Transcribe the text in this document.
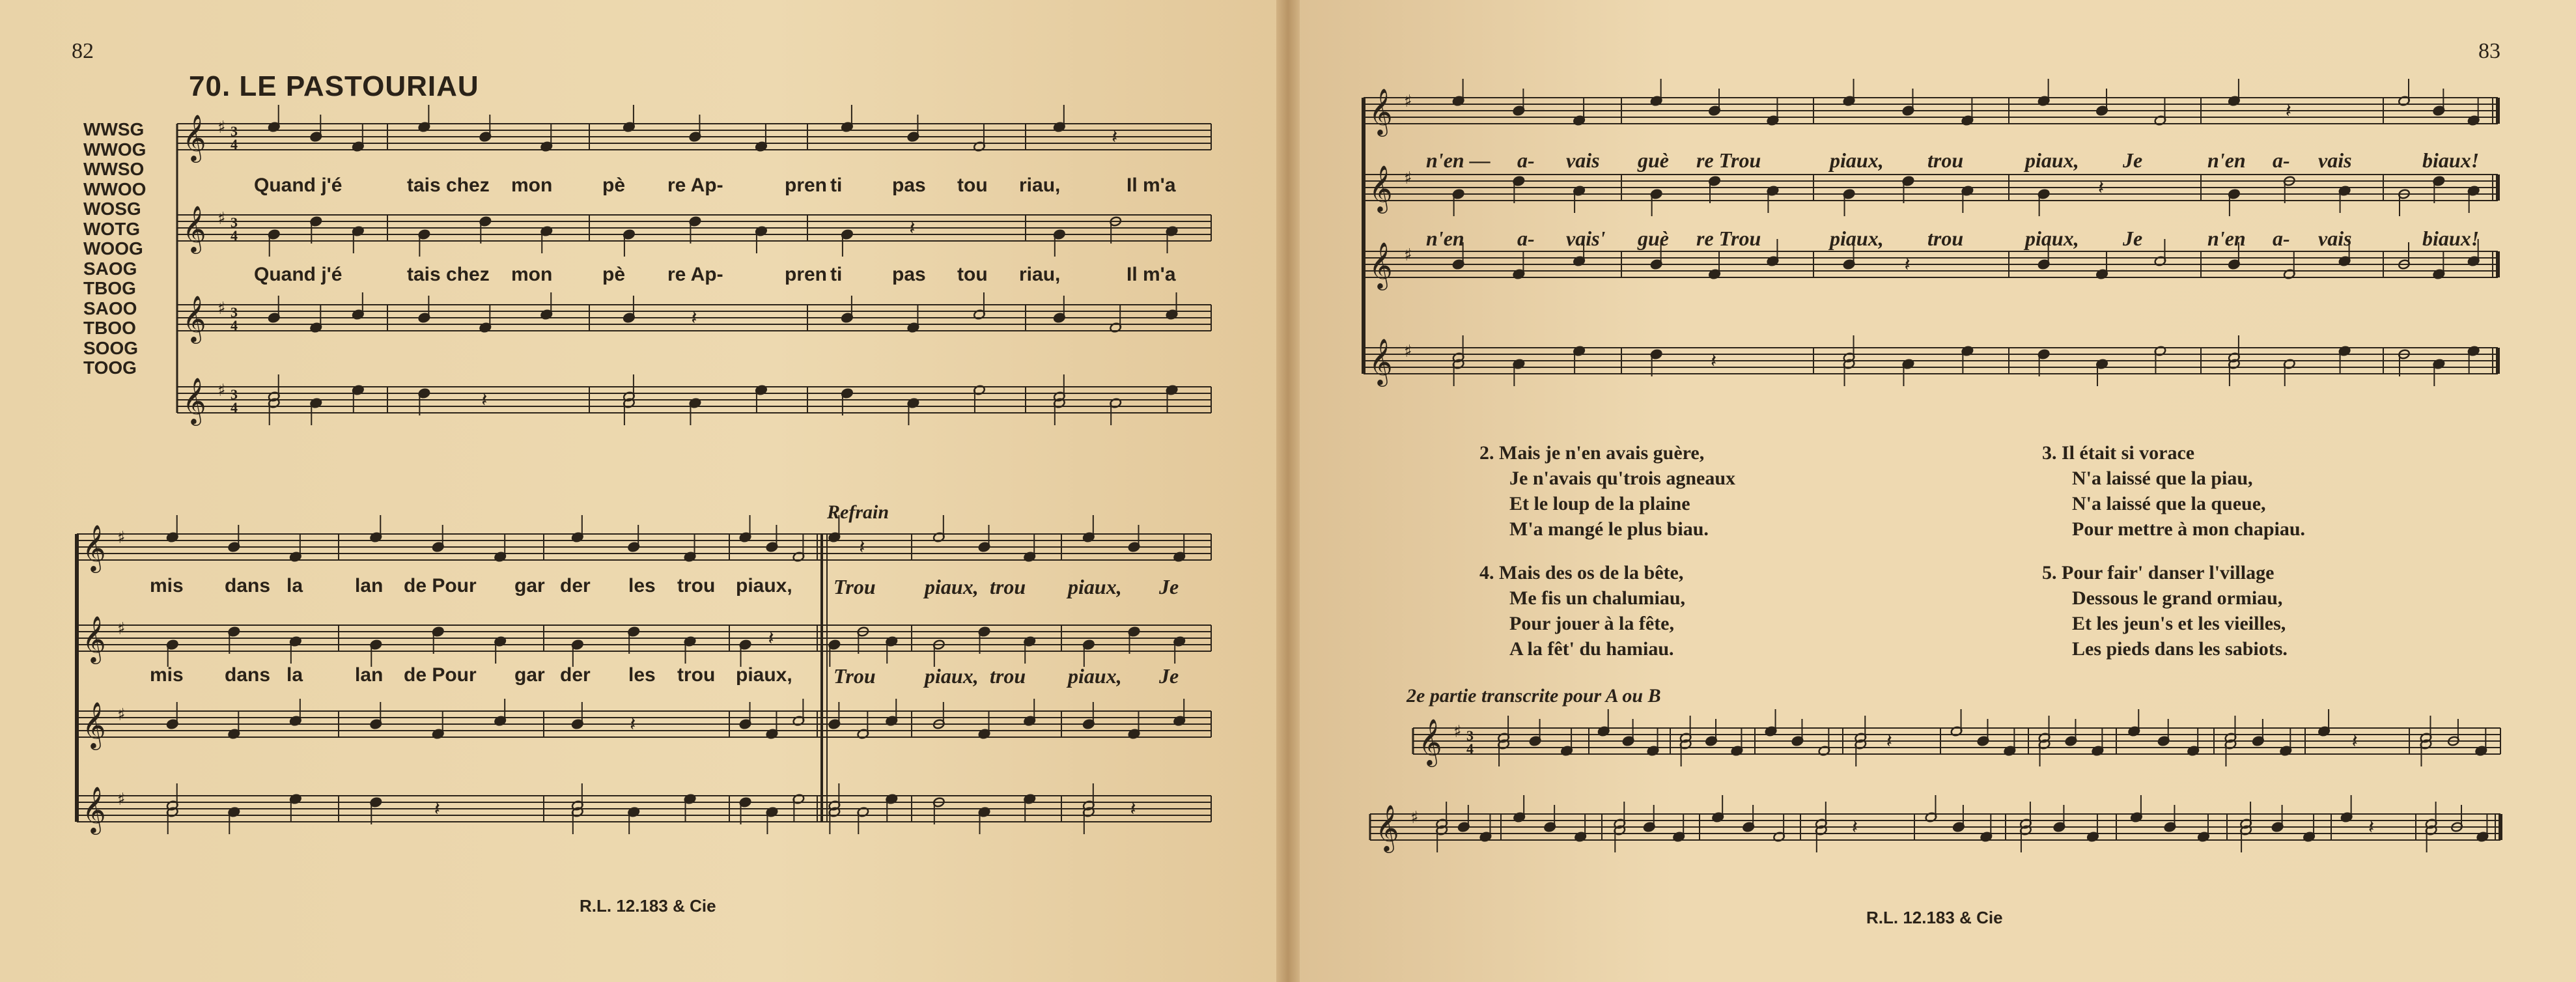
𝄞 ♯ 3
4	𝄽
𝄞 ♯ 3
4	𝄽
𝄞 ♯ 3
4	𝄽
𝄞 ♯ 3
4	𝄽
𝄞 ♯	𝄽
𝄞 ♯	𝄽
𝄞 ♯	𝄽
𝄞 ♯	𝄽	𝄽
𝄞 ♯	𝄽
𝄞 ♯	𝄽
𝄞 ♯	𝄽
𝄞 ♯	𝄽
𝄞 ♯ 3
4	𝄽	𝄽
𝄞 ♯	𝄽	𝄽
82	83
70. LE PASTOURIAU
WWSG
WWOG
WWSO
WWOO
WOSG
WOTG
WOOG
SAOG
TBOG
SAOO
TBOO
SOOG
TOOG
Quand j'é	tais chez mon	pè re Ap-	pren ti	pas tou riau,	Il m'a
Quand j'é	tais chez mon	pè re Ap-	pren ti	pas tou riau,	Il m'a
Refrain
mis dans la	lan de Pour gar der les trou piaux, Trou piaux, trou piaux, Je
mis dans la	lan de Pour gar der les trou piaux, Trou piaux, trou piaux, Je
n'en — a- vais guè re Trou	piaux, trou	piaux, Je	n'en a- vais	biaux!
n'en	a- vais' guè re Trou	piaux, trou	piaux, Je	n'en a- vais	biaux!
2. Mais je n'en avais guère,
Je n'avais qu'trois agneaux
Et le loup de la plaine
M'a mangé le plus biau.
3. Il était si vorace
N'a laissé que la piau,
N'a laissé que la queue,
Pour mettre à mon chapiau.
4. Mais des os de la bête,
Me fis un chalumiau,
Pour jouer à la fête,
A la fêt' du hamiau.
5. Pour fair' danser l'village
Dessous le grand ormiau,
Et les jeun's et les vieilles,
Les pieds dans les sabiots.
2e partie transcrite pour A ou B
R.L. 12.183 & Cie
R.L. 12.183 & Cie
